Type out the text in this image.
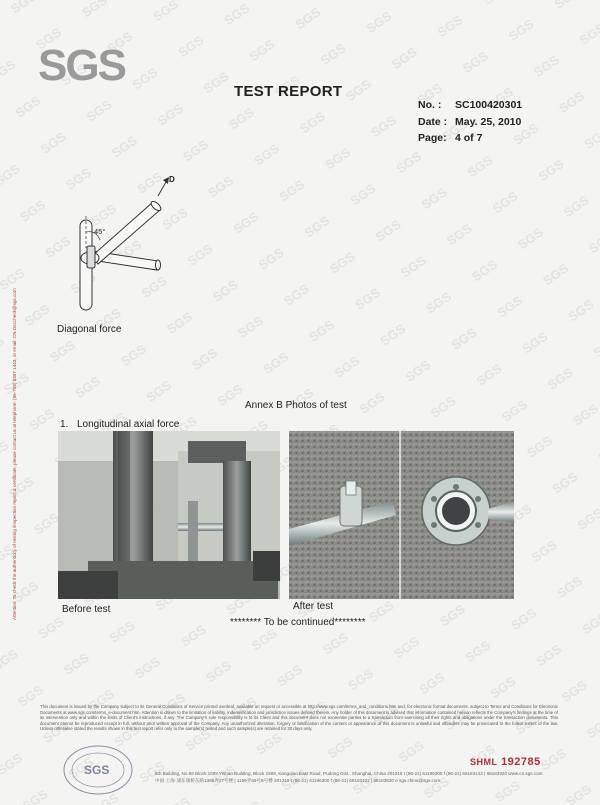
SGS
TEST REPORT
No. :	SC100420301
Date : May. 25, 2010
Page: 4 of 7
Attention: To check the authenticity of testing /inspection report & certificate, please contact us at telephone: (86-755) 8307 1443, or email: CN.Doccheck@sgs.com
45°
D
Diagonal force
Annex B Photos of test
1. Longitudinal axial force
Before test	After test
******** To be continued********
This document is issued by the Company subject to its General Conditions of Service printed overleaf, available on request or accessible at http://www.sgs.com/terms_and_conditions.htm and, for electronic format documents, subject to Terms and Conditions for Electronic Documents at www.sgs.com/terms_e-document.htm. Attention is drawn to the limitation of liability, indemnification and jurisdiction issues defined therein. Any holder of this document is advised that information contained hereon reflects the Company's findings at the time of its intervention only and within the limits of Client's instructions, if any. The Company's sole responsibility is to its Client and this document does not exonerate parties to a transaction from exercising all their rights and obligations under the transaction documents. This document cannot be reproduced except in full, without prior written approval of the Company. Any unauthorized alteration, forgery or falsification of the content or appearance of this document is unlawful and offenders may be prosecuted to the fullest extent of the law. Unless otherwise stated the results shown in this test report refer only to the sample(s) tested and such sample(s) are retained for 30 days only.
SGS
SHML 192785
8th Building, No.69 Block 1589 Yishan Building, Block 1589, Kangqiao East Road, Pudong Dist., Shanghai, China 201319 t (86-21) 61196300 f (86-21) 68183122 | 68183920 www.cn.sgs.com
中国·上海·浦东康桥东路1365弄17号楼 | 1159弄69号8号楼 201319 t (86-21) 61196300 f (86-21) 68183122 | 68183920 e sgs.china@sgs.com
